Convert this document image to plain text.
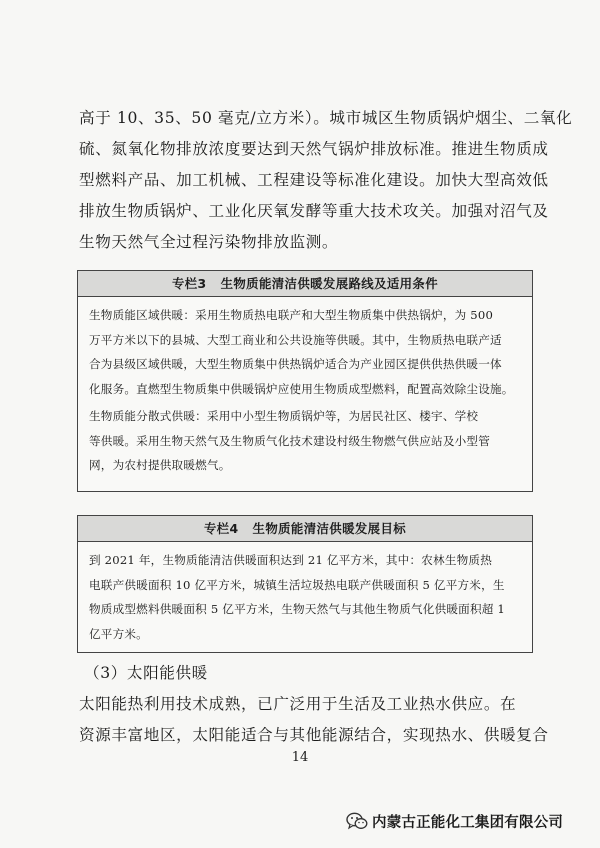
高于 10、35、50 毫克/立方米）。城市城区生物质锅炉烟尘、二氧化
硫、氮氧化物排放浓度要达到天然气锅炉排放标准。推进生物质成
型燃料产品、加工机械、工程建设等标准化建设。加快大型高效低
排放生物质锅炉、工业化厌氧发酵等重大技术攻关。加强对沼气及
生物天然气全过程污染物排放监测。
专栏3 生物质能清洁供暖发展路线及适用条件
生物质能区域供暖：采用生物质热电联产和大型生物质集中供热锅炉，为 500
万平方米以下的县城、大型工商业和公共设施等供暖。其中，生物质热电联产适
合为县级区域供暖，大型生物质集中供热锅炉适合为产业园区提供供热供暖一体
化服务。直燃型生物质集中供暖锅炉应使用生物质成型燃料，配置高效除尘设施。
生物质能分散式供暖：采用中小型生物质锅炉等，为居民社区、楼宇、学校
等供暖。采用生物天然气及生物质气化技术建设村级生物燃气供应站及小型管
网，为农村提供取暖燃气。
专栏4 生物质能清洁供暖发展目标
到 2021 年，生物质能清洁供暖面积达到 21 亿平方米，其中：农林生物质热
电联产供暖面积 10 亿平方米，城镇生活垃圾热电联产供暖面积 5 亿平方米，生
物质成型燃料供暖面积 5 亿平方米，生物天然气与其他生物质气化供暖面积超 1
亿平方米。
（3）太阳能供暖
太阳能热利用技术成熟，已广泛用于生活及工业热水供应。在
资源丰富地区，太阳能适合与其他能源结合，实现热水、供暖复合
14
内蒙古正能化工集团有限公司
